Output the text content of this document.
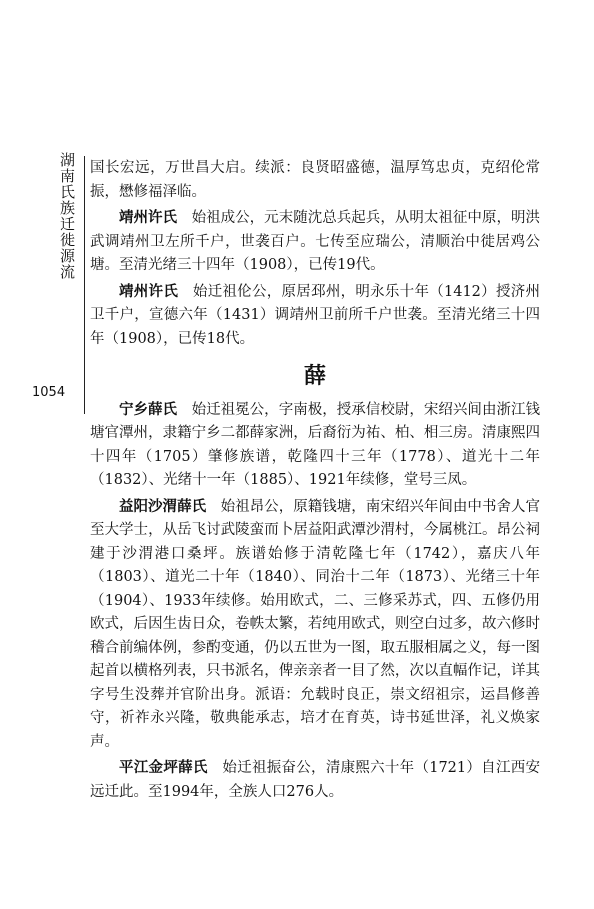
湖南氏族迁徙源流
1054

国长宏远，万世昌大启。续派：良贤昭盛德，温厚笃忠贞，克绍伦常振，懋修福泽临。

靖州许氏　始祖成公，元末随沈总兵起兵，从明太祖征中原，明洪武调靖州卫左所千户，世袭百户。七传至应瑞公，清顺治中徙居鸡公塘。至清光绪三十四年（1908），已传19代。

靖州许氏　始迁祖伦公，原居邳州，明永乐十年（1412）授济州卫千户，宣德六年（1431）调靖州卫前所千户世袭。至清光绪三十四年（1908），已传18代。

薛

宁乡薛氏　始迁祖冕公，字南极，授承信校尉，宋绍兴间由浙江钱塘官潭州，隶籍宁乡二都薛家洲，后裔衍为祐、柏、相三房。清康熙四十四年（1705）肇修族谱，乾隆四十三年（1778）、道光十二年（1832）、光绪十一年（1885）、1921年续修，堂号三凤。

益阳沙渭薛氏　始祖昂公，原籍钱塘，南宋绍兴年间由中书舍人官至大学士，从岳飞讨武陵蛮而卜居益阳武潭沙渭村，今属桃江。昂公祠建于沙渭港口桑坪。族谱始修于清乾隆七年（1742），嘉庆八年（1803）、道光二十年（1840）、同治十二年（1873）、光绪三十年（1904）、1933年续修。始用欧式，二、三修采苏式，四、五修仍用欧式，后因生齿日众，卷帙太繁，若纯用欧式，则空白过多，故六修时稽合前编体例，参酌变通，仍以五世为一图，取五服相属之义，每一图起首以横格列表，只书派名，俾亲亲者一目了然，次以直幅作记，详其字号生没葬并官阶出身。派语：允载时良正，崇文绍祖宗，运昌修善守，祈祚永兴隆，敬典能承志，培才在育英，诗书延世泽，礼义焕家声。

平江金坪薛氏　始迁祖振奋公，清康熙六十年（1721）自江西安远迁此。至1994年，全族人口276人。
